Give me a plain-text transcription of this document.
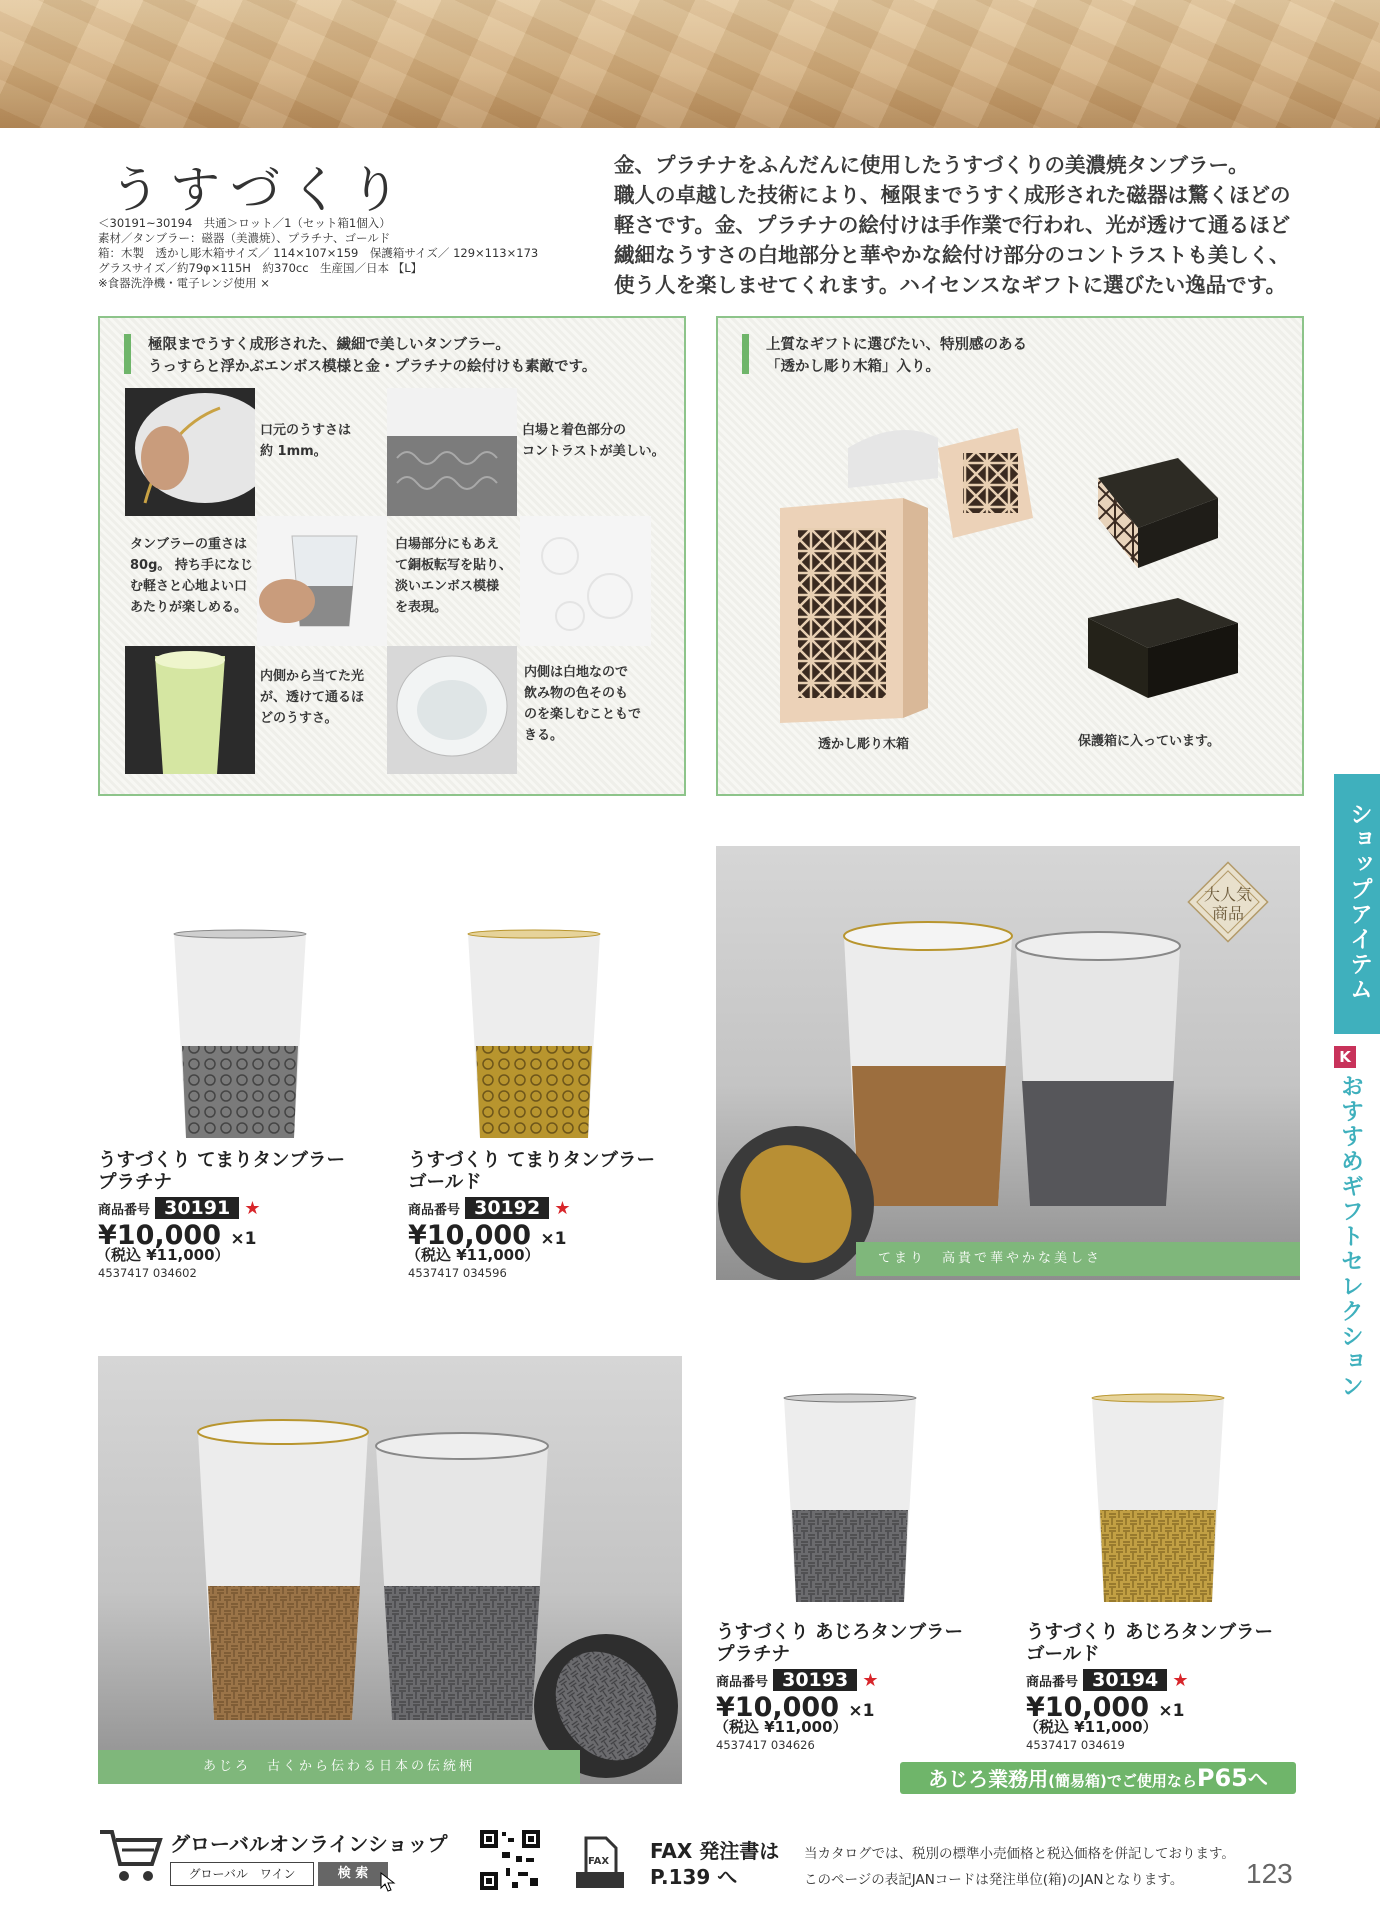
うすづくり
＜30191~30194　共通＞ロット／1（セット箱1個入）
素材／タンブラー：磁器（美濃焼）、プラチナ、ゴールド
箱：木製　透かし彫木箱サイズ／ 114×107×159　保護箱サイズ／ 129×113×173
グラスサイズ／約79φ×115H　約370cc　生産国／日本 【L】
※食器洗浄機・電子レンジ使用 ×
金、プラチナをふんだんに使用したうすづくりの美濃焼タンブラー。
職人の卓越した技術により、極限までうすく成形された磁器は驚くほどの
軽さです。金、プラチナの絵付けは手作業で行われ、光が透けて通るほど
繊細なうすさの白地部分と華やかな絵付け部分のコントラストも美しく、
使う人を楽しませてくれます。ハイセンスなギフトに選びたい逸品です。
極限までうすく成形された、繊細で美しいタンブラー。
うっすらと浮かぶエンボス模様と金・プラチナの絵付けも素敵です。
口元のうすさは
約 1mm。
白場と着色部分の
コントラストが美しい。
タンブラーの重さは
80g。 持ち手になじ
む軽さと心地よい口
あたりが楽しめる。
白場部分にもあえ
て銅板転写を貼り、
淡いエンボス模様
を表現。
内側から当てた光
が、透けて通るほ
どのうすさ。
内側は白地なので
飲み物の色そのも
のを楽しむこともで
きる。
上質なギフトに選びたい、特別感のある
「透かし彫り木箱」入り。
透かし彫り木箱	保護箱に入っています。
うすづくり てまりタンブラー
プラチナ
商品番号 30191 ★
¥10,000 ×1
（税込 ¥11,000）
4537417 034602
うすづくり てまりタンブラー
ゴールド
商品番号 30192 ★
¥10,000 ×1
（税込 ¥11,000）
4537417 034596
大人気
商品
てまり　高貴で華やかな美しさ
あじろ　古くから伝わる日本の伝統柄
うすづくり あじろタンブラー
プラチナ
商品番号 30193 ★
¥10,000 ×1
（税込 ¥11,000）
4537417 034626
うすづくり あじろタンブラー
ゴールド
商品番号 30194 ★
¥10,000 ×1
（税込 ¥11,000）
4537417 034619
あじろ業務用(簡易箱)でご使用ならP65へ
ショップアイテム
K
おすすめギフトセレクション
グローバルオンラインショップ
グローバル　ワイン	検 索
FAX FAX 発注書は
P.139 へ
当カタログでは、税別の標準小売価格と税込価格を併記しております。
このページの表記JANコードは発注単位(箱)のJANとなります。 123
